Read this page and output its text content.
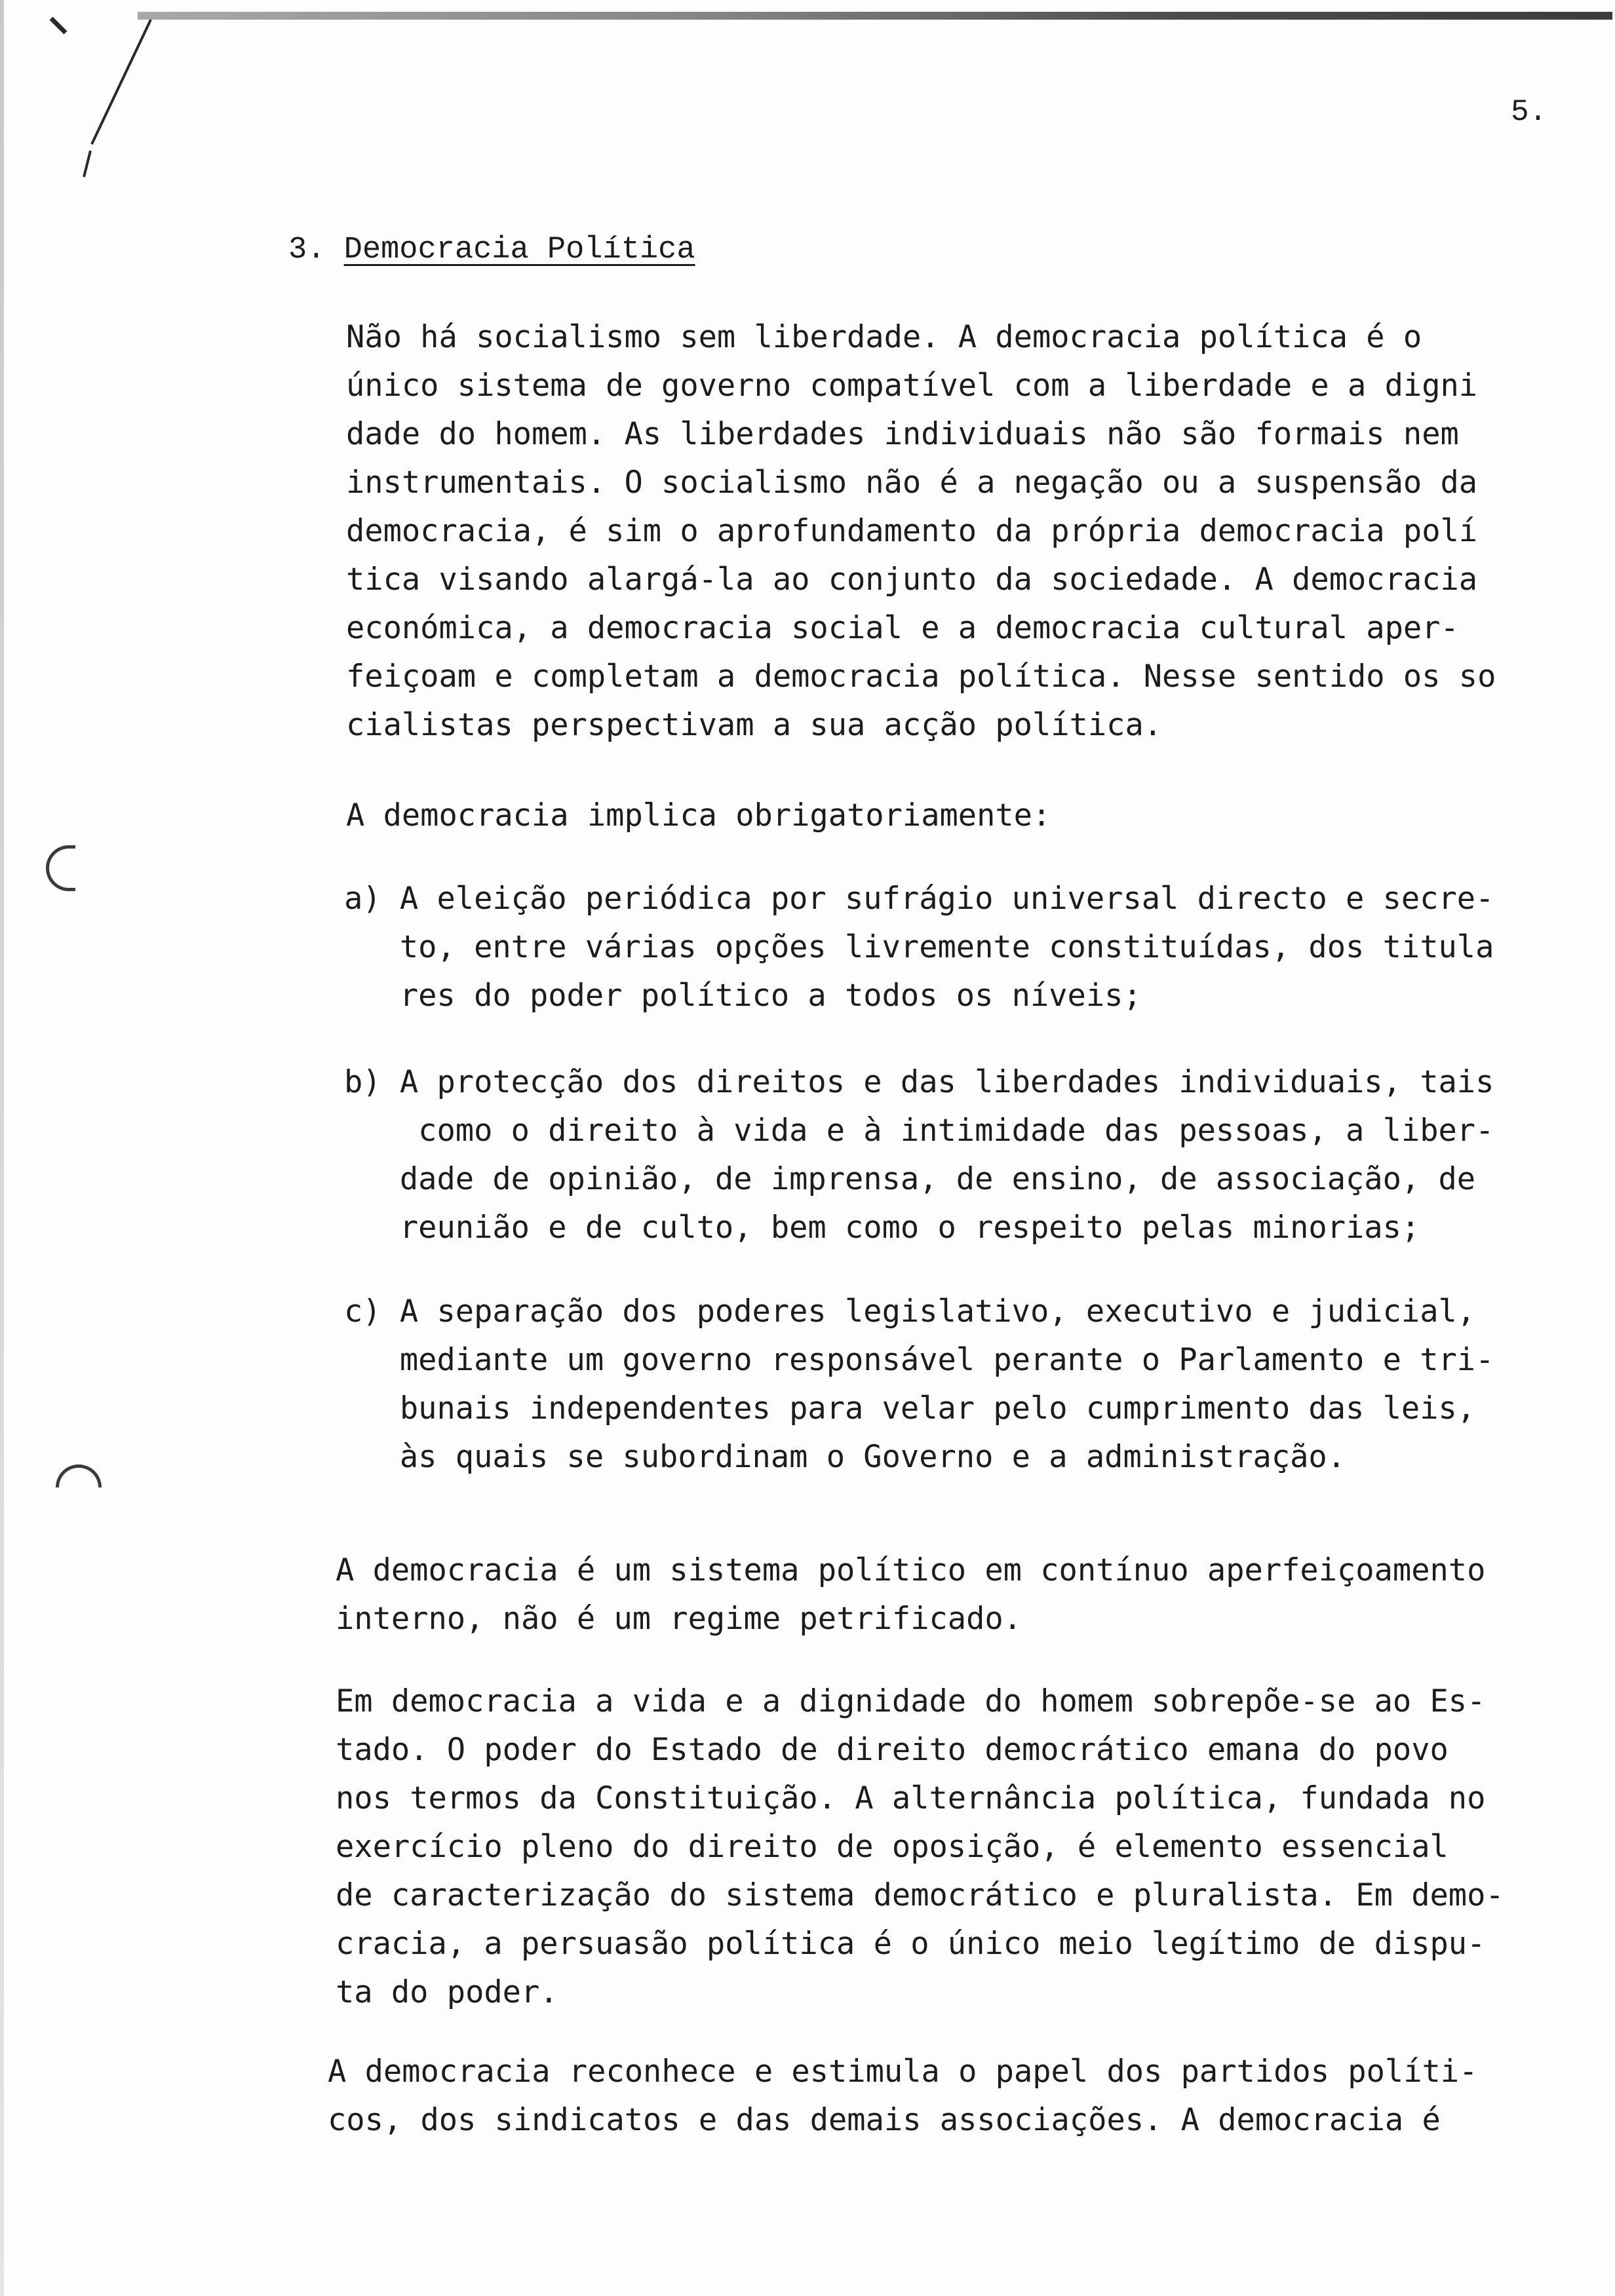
5.
3. Democracia Política
Não há socialismo sem liberdade. A democracia política é o
único sistema de governo compatível com a liberdade e a digni
dade do homem. As liberdades individuais não são formais nem
instrumentais. O socialismo não é a negação ou a suspensão da
democracia, é sim o aprofundamento da própria democracia polí
tica visando alargá-la ao conjunto da sociedade. A democracia
económica, a democracia social e a democracia cultural aper-
feiçoam e completam a democracia política. Nesse sentido os so
cialistas perspectivam a sua acção política.
A democracia implica obrigatoriamente:
a) A eleição periódica por sufrágio universal directo e secre-
to, entre várias opções livremente constituídas, dos titula
res do poder político a todos os níveis;
b) A protecção dos direitos e das liberdades individuais, tais
como o direito à vida e à intimidade das pessoas, a liber-
dade de opinião, de imprensa, de ensino, de associação, de
reunião e de culto, bem como o respeito pelas minorias;
c) A separação dos poderes legislativo, executivo e judicial,
mediante um governo responsável perante o Parlamento e tri-
bunais independentes para velar pelo cumprimento das leis,
às quais se subordinam o Governo e a administração.
A democracia é um sistema político em contínuo aperfeiçoamento
interno, não é um regime petrificado.
Em democracia a vida e a dignidade do homem sobrepõe-se ao Es-
tado. O poder do Estado de direito democrático emana do povo
nos termos da Constituição. A alternância política, fundada no
exercício pleno do direito de oposição, é elemento essencial
de caracterização do sistema democrático e pluralista. Em demo-
cracia, a persuasão política é o único meio legítimo de dispu-
ta do poder.
A democracia reconhece e estimula o papel dos partidos políti-
cos, dos sindicatos e das demais associações. A democracia é
